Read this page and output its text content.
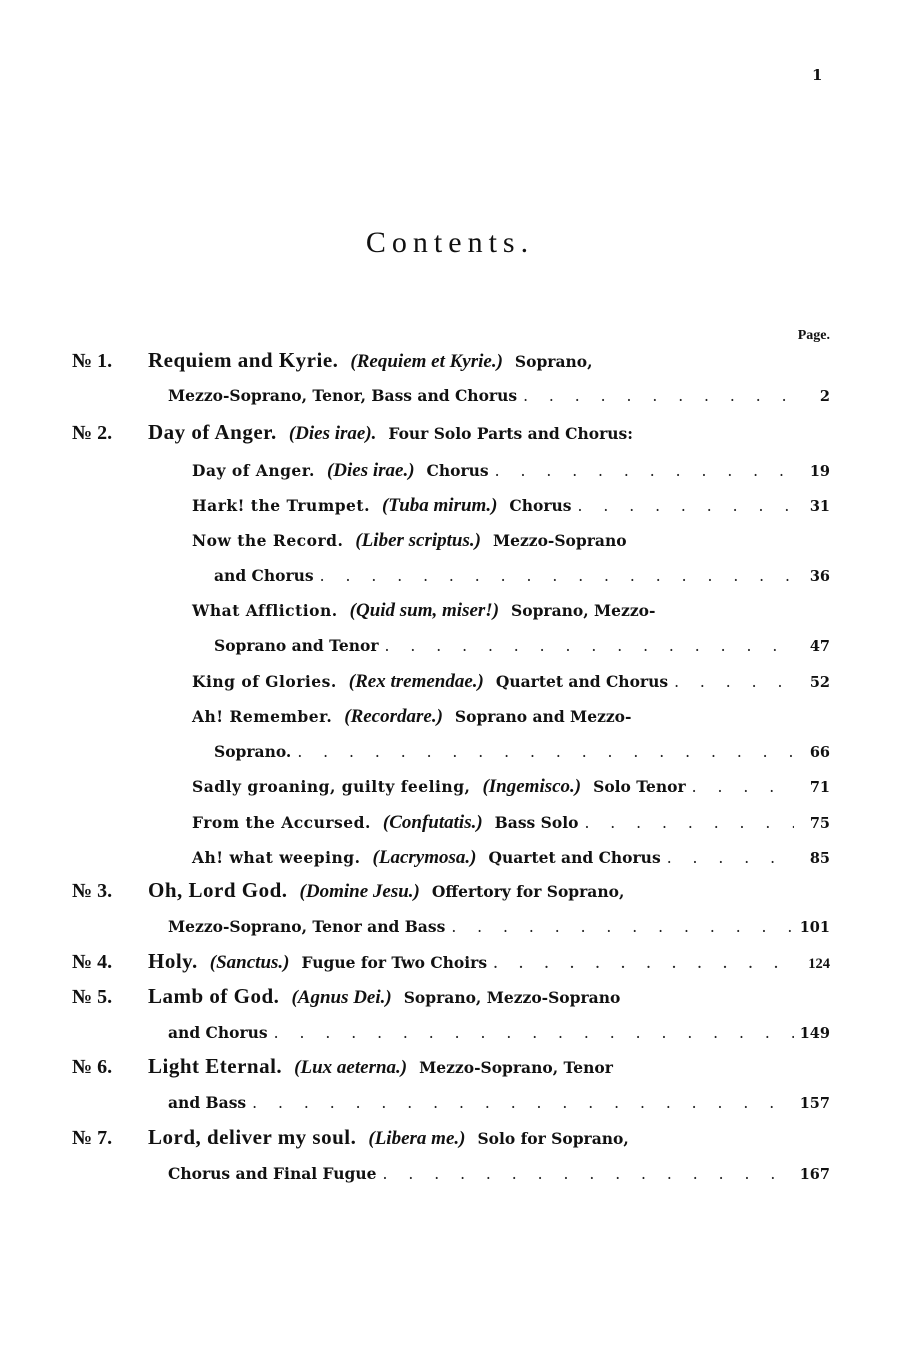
1
Contents.
Page.
№ 1.	Requiem and Kyrie. (Requiem et Kyrie.) Soprano,
Mezzo-Soprano, Tenor, Bass and Chorus . . .	2
№ 2.	Day of Anger. (Dies irae). Four Solo Parts and Chorus:
Day of Anger. (Dies irae.) Chorus . . .	19
Hark! the Trumpet. (Tuba mirum.) Chorus . . .	31
Now the Record. (Liber scriptus.) Mezzo-Soprano
and Chorus . . .	36
What Affliction. (Quid sum, miser!) Soprano, Mezzo-
Soprano and Tenor . . .	47
King of Glories. (Rex tremendae.) Quartet and Chorus . . .	52
Ah! Remember. (Recordare.) Soprano and Mezzo-
Soprano. . . .	66
Sadly groaning, guilty feeling, (Ingemisco.) Solo Tenor . . .	71
From the Accursed. (Confutatis.) Bass Solo . . .	75
Ah! what weeping. (Lacrymosa.) Quartet and Chorus . . .	85
№ 3.	Oh, Lord God. (Domine Jesu.) Offertory for Soprano,
Mezzo-Soprano, Tenor and Bass . . .	101
№ 4.	Holy. (Sanctus.) Fugue for Two Choirs . . .	124
№ 5.	Lamb of God. (Agnus Dei.) Soprano, Mezzo-Soprano
and Chorus . . .	149
№ 6.	Light Eternal. (Lux aeterna.) Mezzo-Soprano, Tenor
and Bass . . .	157
№ 7.	Lord, deliver my soul. (Libera me.) Solo for Soprano,
Chorus and Final Fugue . . .	167
